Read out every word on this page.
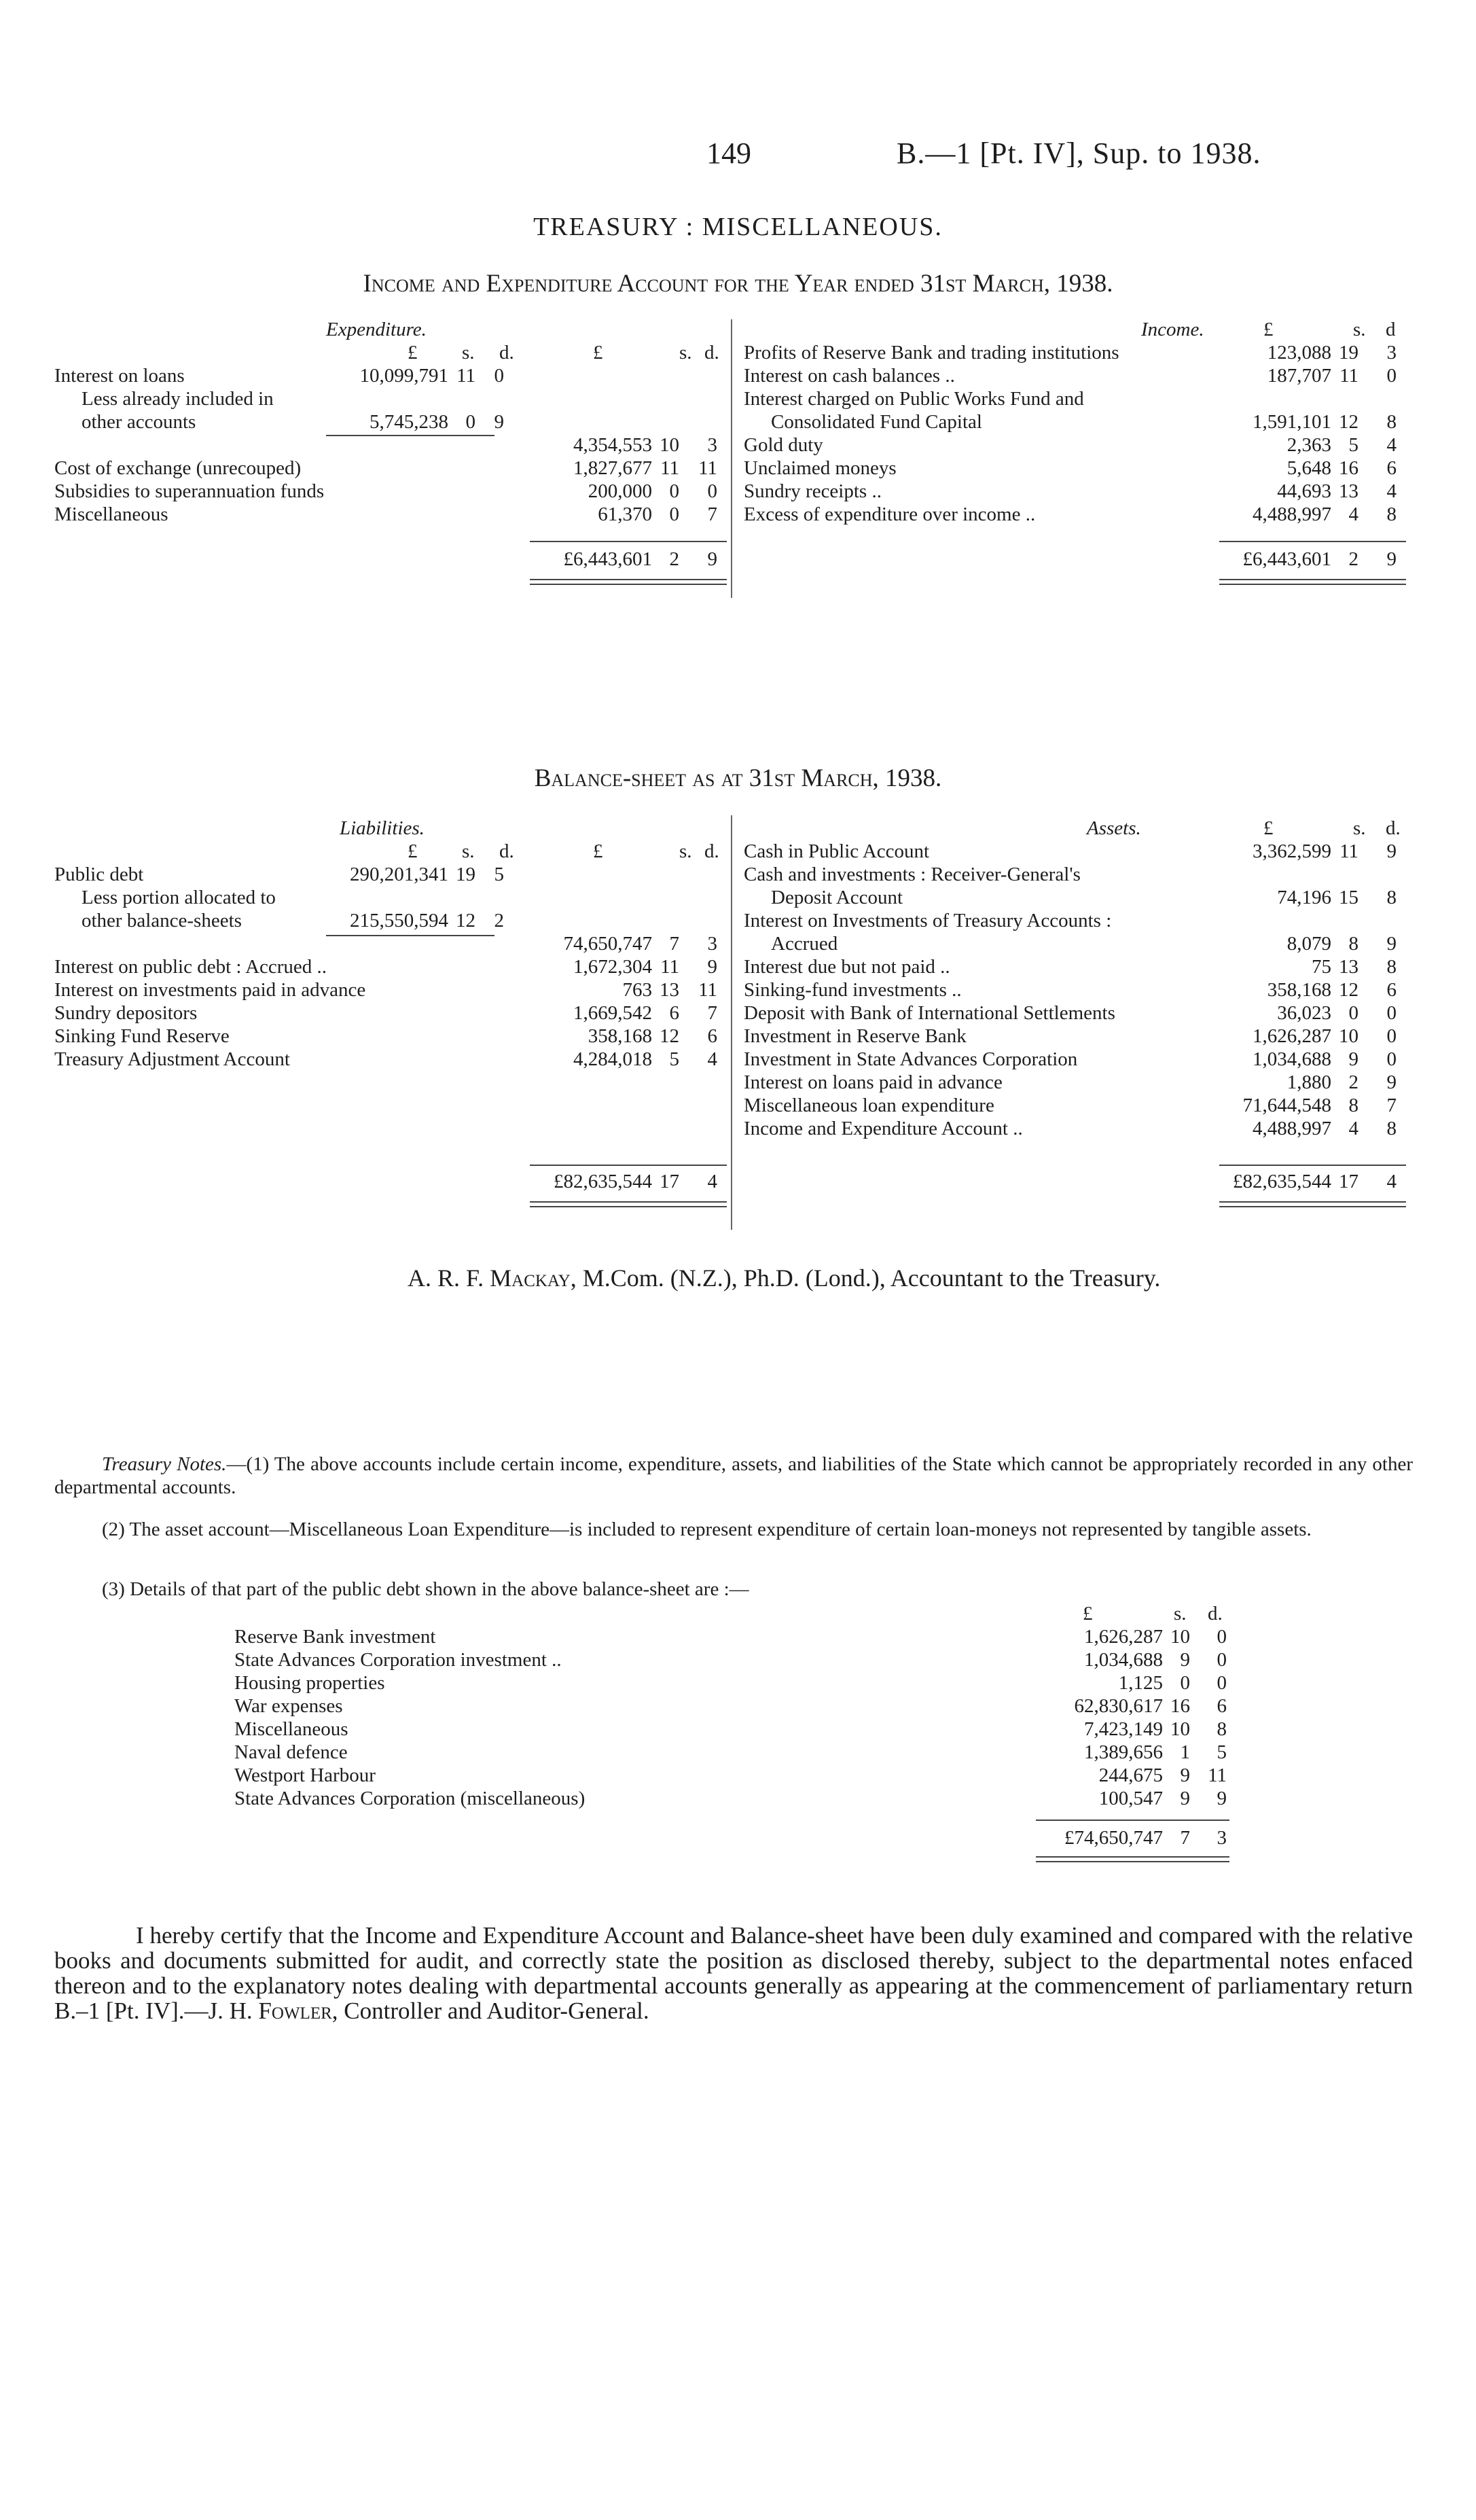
149	B.—1 [Pt. IV], Sup. to 1938.
TREASURY : MISCELLANEOUS.
Income and Expenditure Account for the Year ended 31st March, 1938.
Expenditure.
£ s. d.	£	s. d.
Interest on loans	10,099,791 11 0
Less already included in
other accounts	5,745,238 0 9
4,354,553 10 3
Cost of exchange (unrecouped)	1,827,677 11 11
Subsidies to superannuation funds	200,000 0 0
Miscellaneous	61,370 0 7
£6,443,601 2 9
Income.	£	s. d
Profits of Reserve Bank and trading institutions	123,088 19 3
Interest on cash balances ..	187,707 11 0
Interest charged on Public Works Fund and
Consolidated Fund Capital	1,591,101 12 8
Gold duty	2,363 5 4
Unclaimed moneys	5,648 16 6
Sundry receipts ..	44,693 13 4
Excess of expenditure over income ..	4,488,997 4 8
£6,443,601 2 9
Balance-sheet as at 31st March, 1938.
Liabilities.
£ s. d.	£	s. d.
Public debt	290,201,341 19 5
Less portion allocated to
other balance-sheets	215,550,594 12 2
74,650,747 7 3
Interest on public debt : Accrued ..	1,672,304 11 9
Interest on investments paid in advance	763 13 11
Sundry depositors	1,669,542 6 7
Sinking Fund Reserve	358,168 12 6
Treasury Adjustment Account	4,284,018 5 4
£82,635,544 17 4
Assets.	£	s. d.
Cash in Public Account	3,362,599 11 9
Cash and investments : Receiver-General's
Deposit Account	74,196 15 8
Interest on Investments of Treasury Accounts :
Accrued	8,079 8 9
Interest due but not paid ..	75 13 8
Sinking-fund investments ..	358,168 12 6
Deposit with Bank of International Settlements	36,023 0 0
Investment in Reserve Bank	1,626,287 10 0
Investment in State Advances Corporation	1,034,688 9 0
Interest on loans paid in advance	1,880 2 9
Miscellaneous loan expenditure	71,644,548 8 7
Income and Expenditure Account ..	4,488,997 4 8
£82,635,544 17 4
A. R. F. Mackay, M.Com. (N.Z.), Ph.D. (Lond.), Accountant to the Treasury.
Treasury Notes.—(1) The above accounts include certain income, expenditure, assets, and liabilities of the State which cannot be appropriately recorded in any other departmental accounts.
(2) The asset account—Miscellaneous Loan Expenditure—is included to represent expenditure of certain loan-moneys not represented by tangible assets.
(3) Details of that part of the public debt shown in the above balance-sheet are :—
£	s. d.
Reserve Bank investment	1,626,287 10 0
State Advances Corporation investment ..	1,034,688 9 0
Housing properties	1,125 0 0
War expenses	62,830,617 16 6
Miscellaneous	7,423,149 10 8
Naval defence	1,389,656 1 5
Westport Harbour	244,675 9 11
State Advances Corporation (miscellaneous)	100,547 9 9
£74,650,747 7 3
I hereby certify that the Income and Expenditure Account and Balance-sheet have been duly examined and compared with the relative books and documents submitted for audit, and correctly state the position as disclosed thereby, subject to the departmental notes enfaced thereon and to the explanatory notes dealing with departmental accounts generally as appearing at the commencement of parliamentary return B.–1 [Pt. IV].—J. H. Fowler, Controller and Auditor-General.
